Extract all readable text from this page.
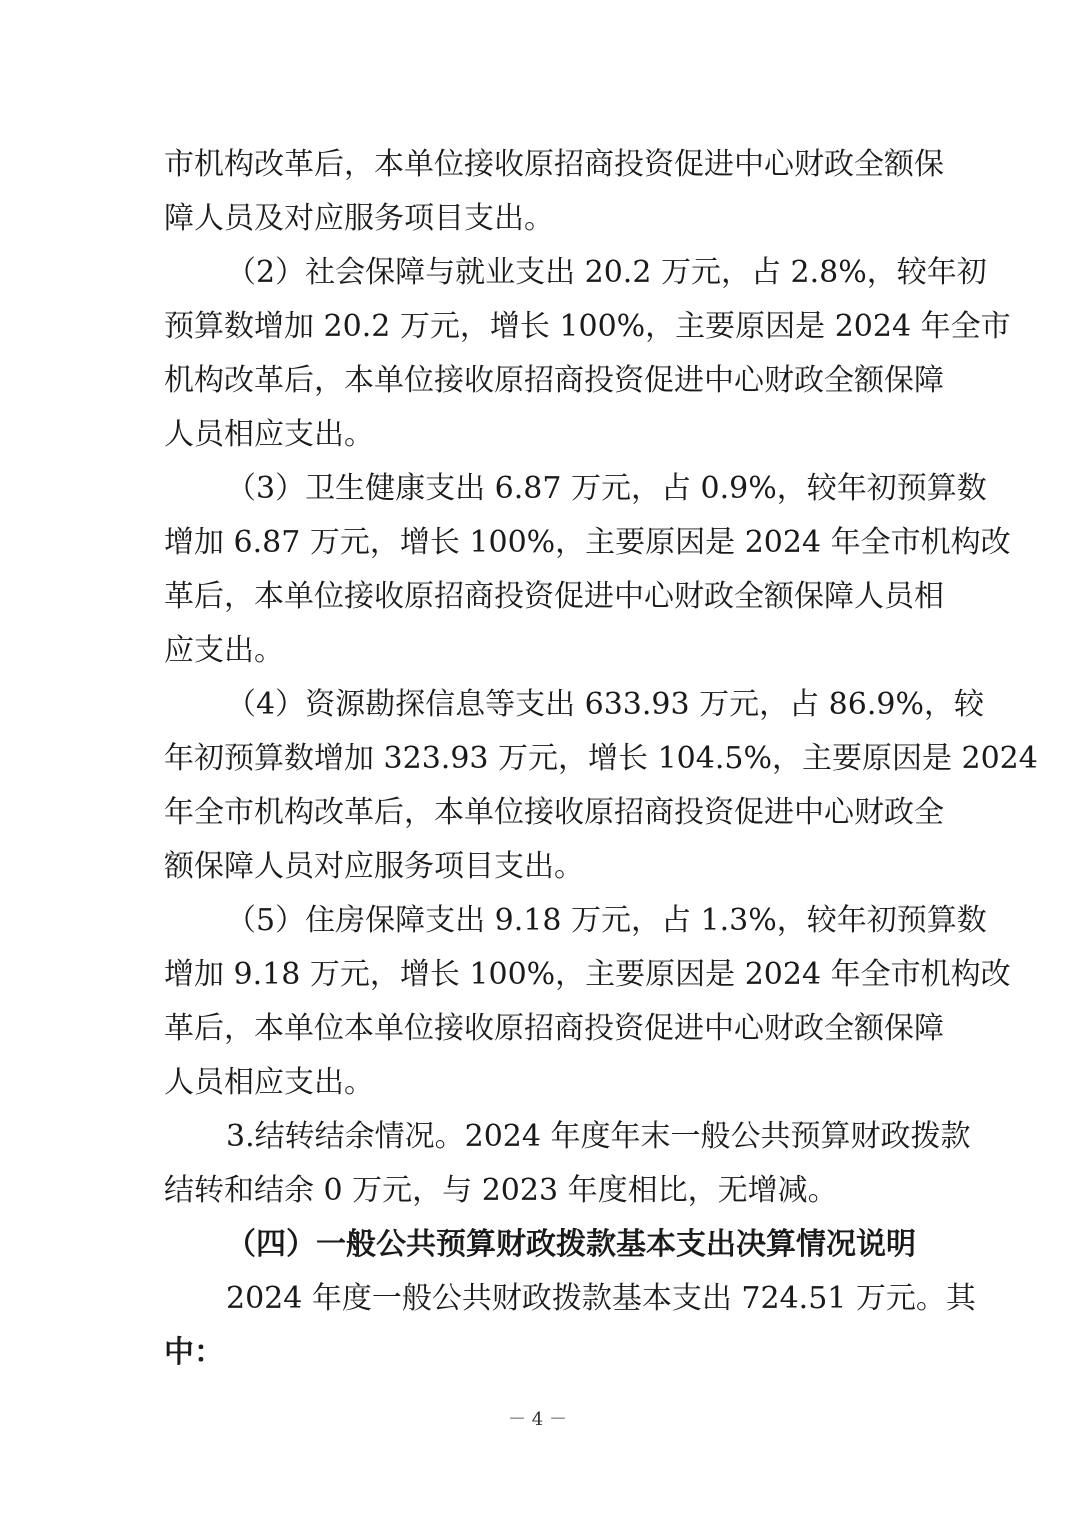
市机构改革后，本单位接收原招商投资促进中心财政全额保
障人员及对应服务项目支出。
（2）社会保障与就业支出 20.2 万元，占 2.8%，较年初
预算数增加 20.2 万元，增长 100%，主要原因是 2024 年全市
机构改革后，本单位接收原招商投资促进中心财政全额保障
人员相应支出。
（3）卫生健康支出 6.87 万元，占 0.9%，较年初预算数
增加 6.87 万元，增长 100%，主要原因是 2024 年全市机构改
革后，本单位接收原招商投资促进中心财政全额保障人员相
应支出。
（4）资源勘探信息等支出 633.93 万元，占 86.9%，较
年初预算数增加 323.93 万元，增长 104.5%，主要原因是 2024
年全市机构改革后，本单位接收原招商投资促进中心财政全
额保障人员对应服务项目支出。
（5）住房保障支出 9.18 万元，占 1.3%，较年初预算数
增加 9.18 万元，增长 100%，主要原因是 2024 年全市机构改
革后，本单位本单位接收原招商投资促进中心财政全额保障
人员相应支出。
3.结转结余情况。2024 年度年末一般公共预算财政拨款
结转和结余 0 万元，与 2023 年度相比，无增减。
（四）一般公共预算财政拨款基本支出决算情况说明
2024 年度一般公共财政拨款基本支出 724.51 万元。其
中：
－ 4 －
